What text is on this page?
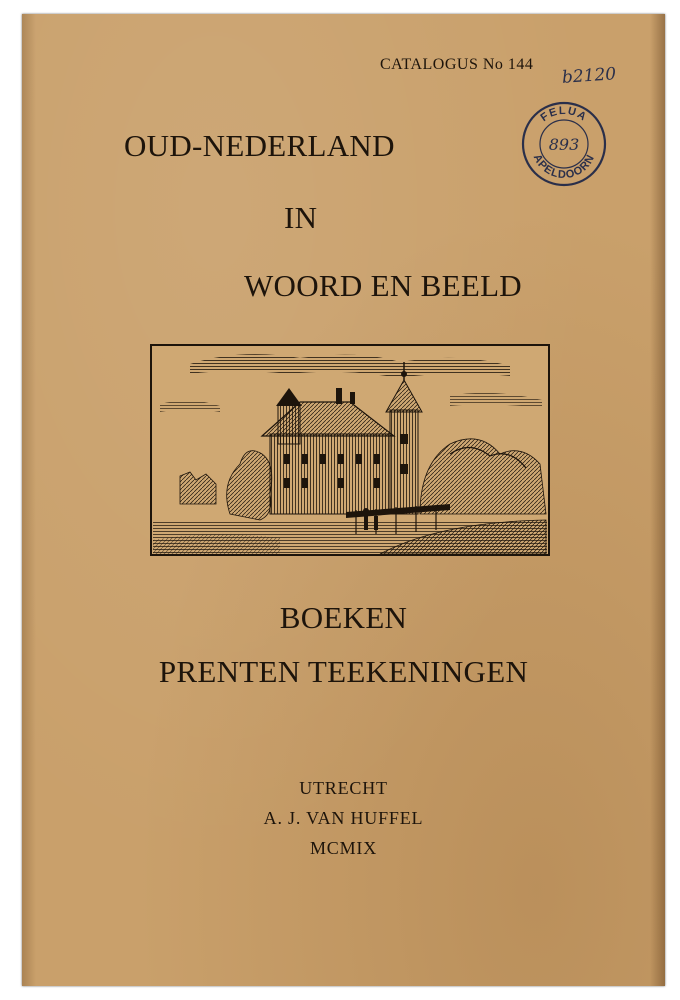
CATALOGUS No 144 b2120
FELUA
APELDOORN
893
OUD-NEDERLAND
IN
WOORD EN BEELD
BOEKEN
PRENTEN TEEKENINGEN
UTRECHT
A. J. VAN HUFFEL
MCMIX
